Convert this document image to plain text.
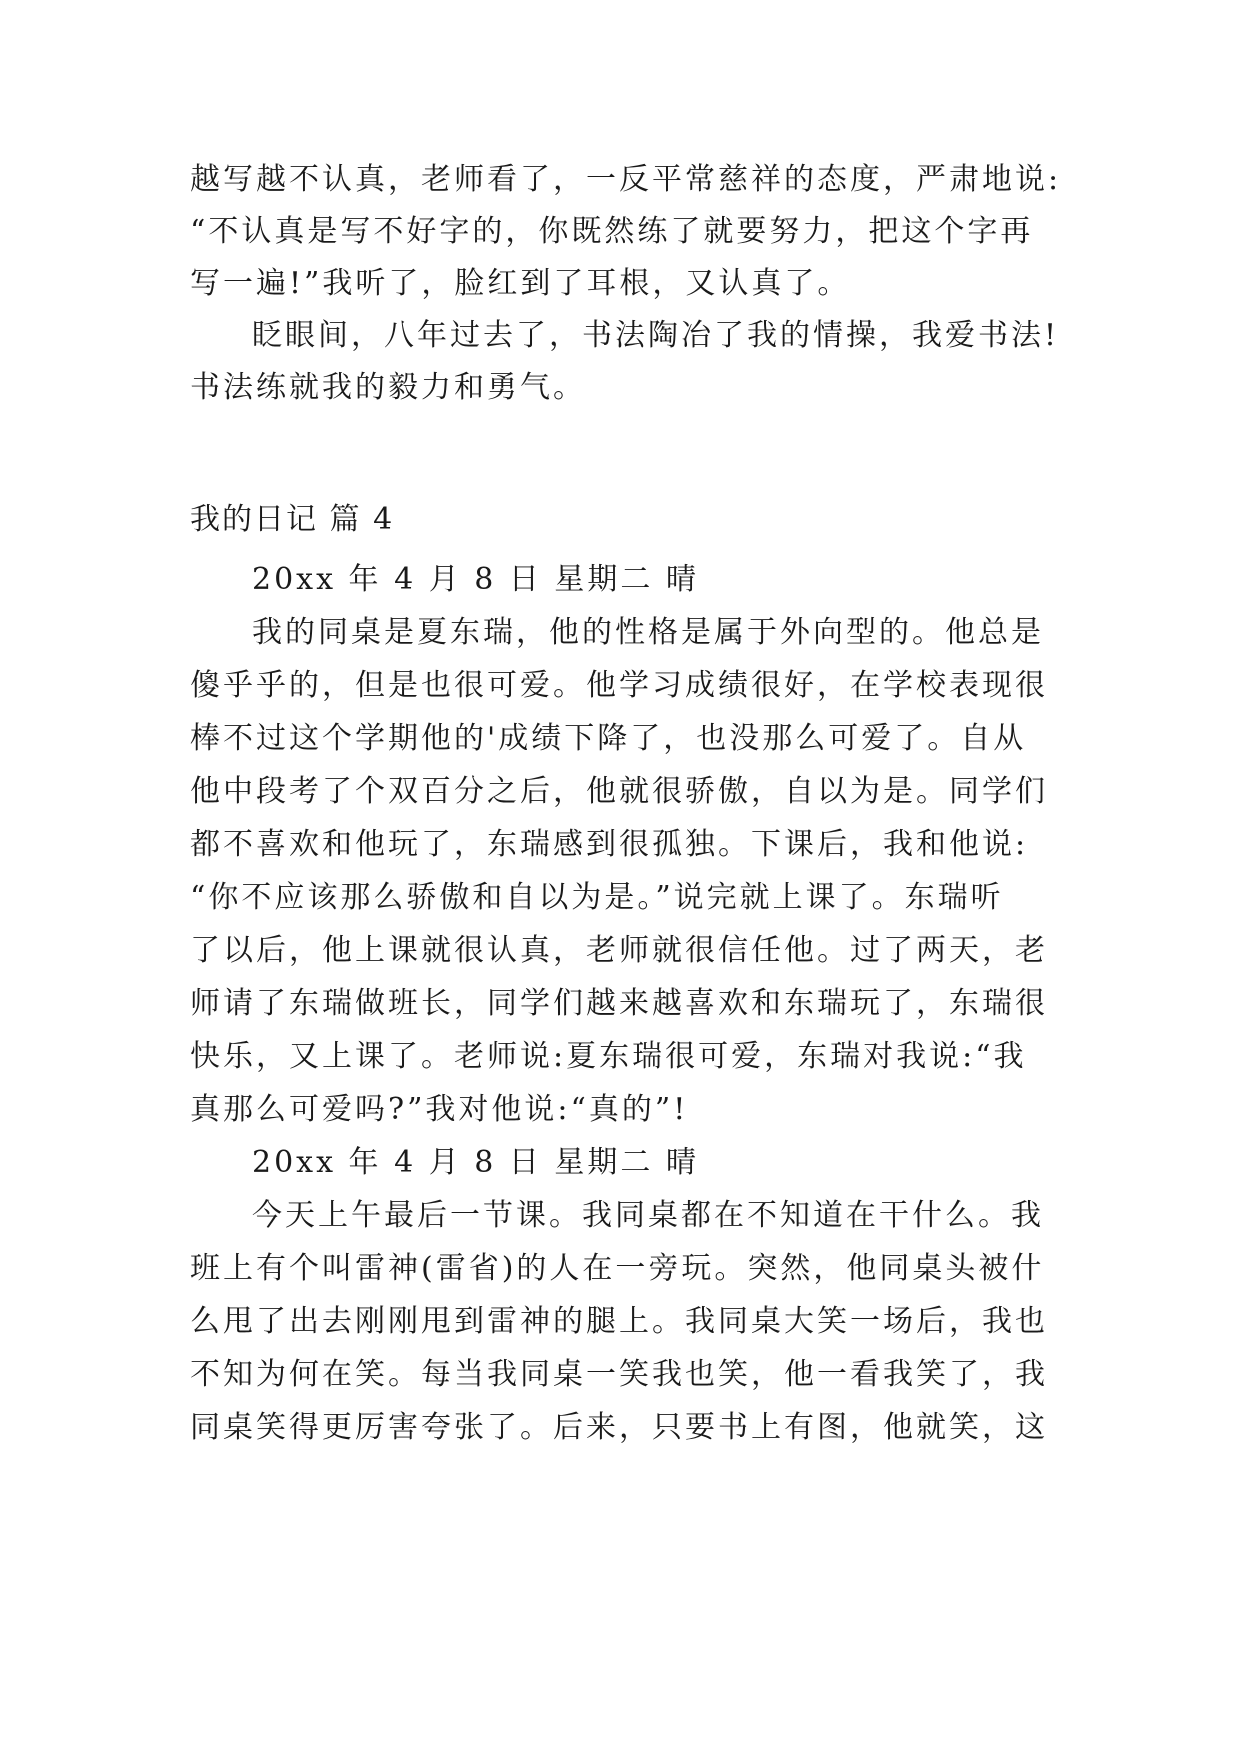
越写越不认真，老师看了，一反平常慈祥的态度，严肃地说:
“不认真是写不好字的，你既然练了就要努力，把这个字再
写一遍!”我听了，脸红到了耳根，又认真了。
眨眼间，八年过去了，书法陶冶了我的情操，我爱书法!
书法练就我的毅力和勇气。
我的日记 篇 4
20xx 年 4 月 8 日 星期二 晴
我的同桌是夏东瑞，他的性格是属于外向型的。他总是
傻乎乎的，但是也很可爱。他学习成绩很好，在学校表现很
棒不过这个学期他的'成绩下降了，也没那么可爱了。自从
他中段考了个双百分之后，他就很骄傲，自以为是。同学们
都不喜欢和他玩了，东瑞感到很孤独。下课后，我和他说:
“你不应该那么骄傲和自以为是。”说完就上课了。东瑞听
了以后，他上课就很认真，老师就很信任他。过了两天，老
师请了东瑞做班长，同学们越来越喜欢和东瑞玩了，东瑞很
快乐，又上课了。老师说:夏东瑞很可爱，东瑞对我说:“我
真那么可爱吗?”我对他说:“真的”!
20xx 年 4 月 8 日 星期二 晴
今天上午最后一节课。我同桌都在不知道在干什么。我
班上有个叫雷神(雷省)的人在一旁玩。突然，他同桌头被什
么甩了出去刚刚甩到雷神的腿上。我同桌大笑一场后，我也
不知为何在笑。每当我同桌一笑我也笑，他一看我笑了，我
同桌笑得更厉害夸张了。后来，只要书上有图，他就笑，这
